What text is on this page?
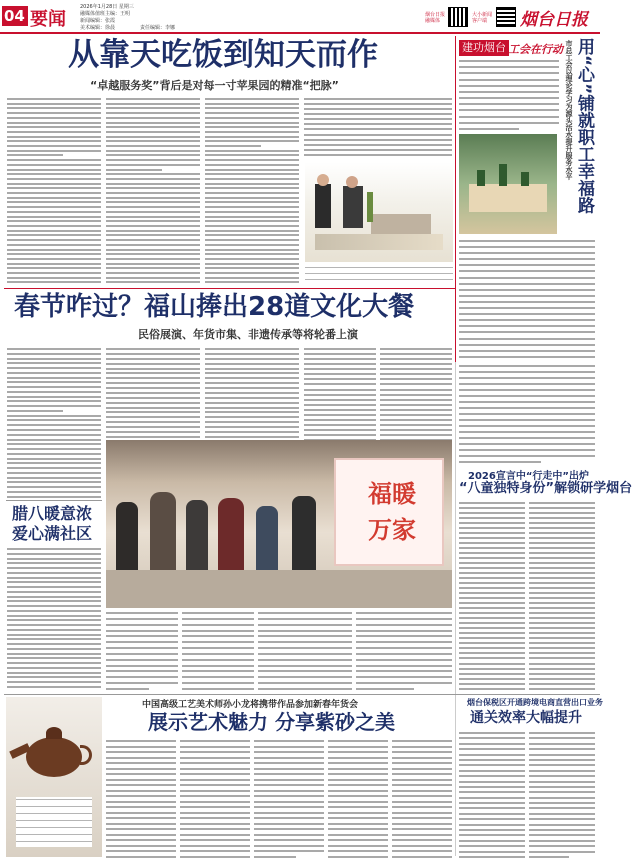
04 要闻
2026年1月28日 星期三
融媒体值班主编：王明
新闻编辑：张霞
美术编辑：徐晨	责任编辑：李娜
烟台日报 融媒体
大小新闻 客户端	烟台日报
从靠天吃饭到知天而作
“卓越服务奖”背后是对每一寸苹果园的精准“把脉”
建功烟台 工会在行动 用“心”铺就职工幸福路
市总工会以理论学习为源头活水提升服务水平
春节咋过？福山捧出28道文化大餐
民俗展演、年货市集、非遗传承等将轮番上演
腊八暖意浓
爱心满社区
福暖
万家
2026宣言中“行走中”出炉
“八童独特身份”解锁研学烟台
中国高级工艺美术师孙小龙将携带作品参加新春年货会
展示艺术魅力 分享紫砂之美
烟台保税区开通跨境电商直营出口业务
通关效率大幅提升
